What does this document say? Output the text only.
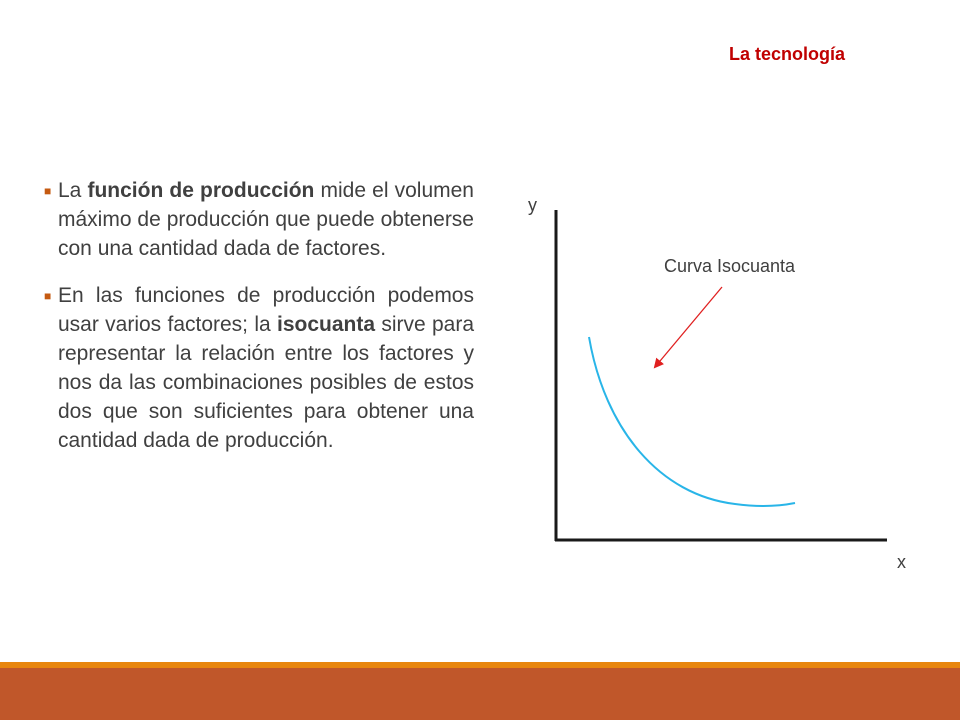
La tecnología

■ La función de producción mide el volumen máximo de producción que puede obtenerse con una cantidad dada de factores.

■ En las funciones de producción podemos usar varios factores; la isocuanta sirve para representar la relación entre los factores y nos da las combinaciones posibles de estos dos que son suficientes para obtener una cantidad dada de producción.

y
x
Curva Isocuanta
